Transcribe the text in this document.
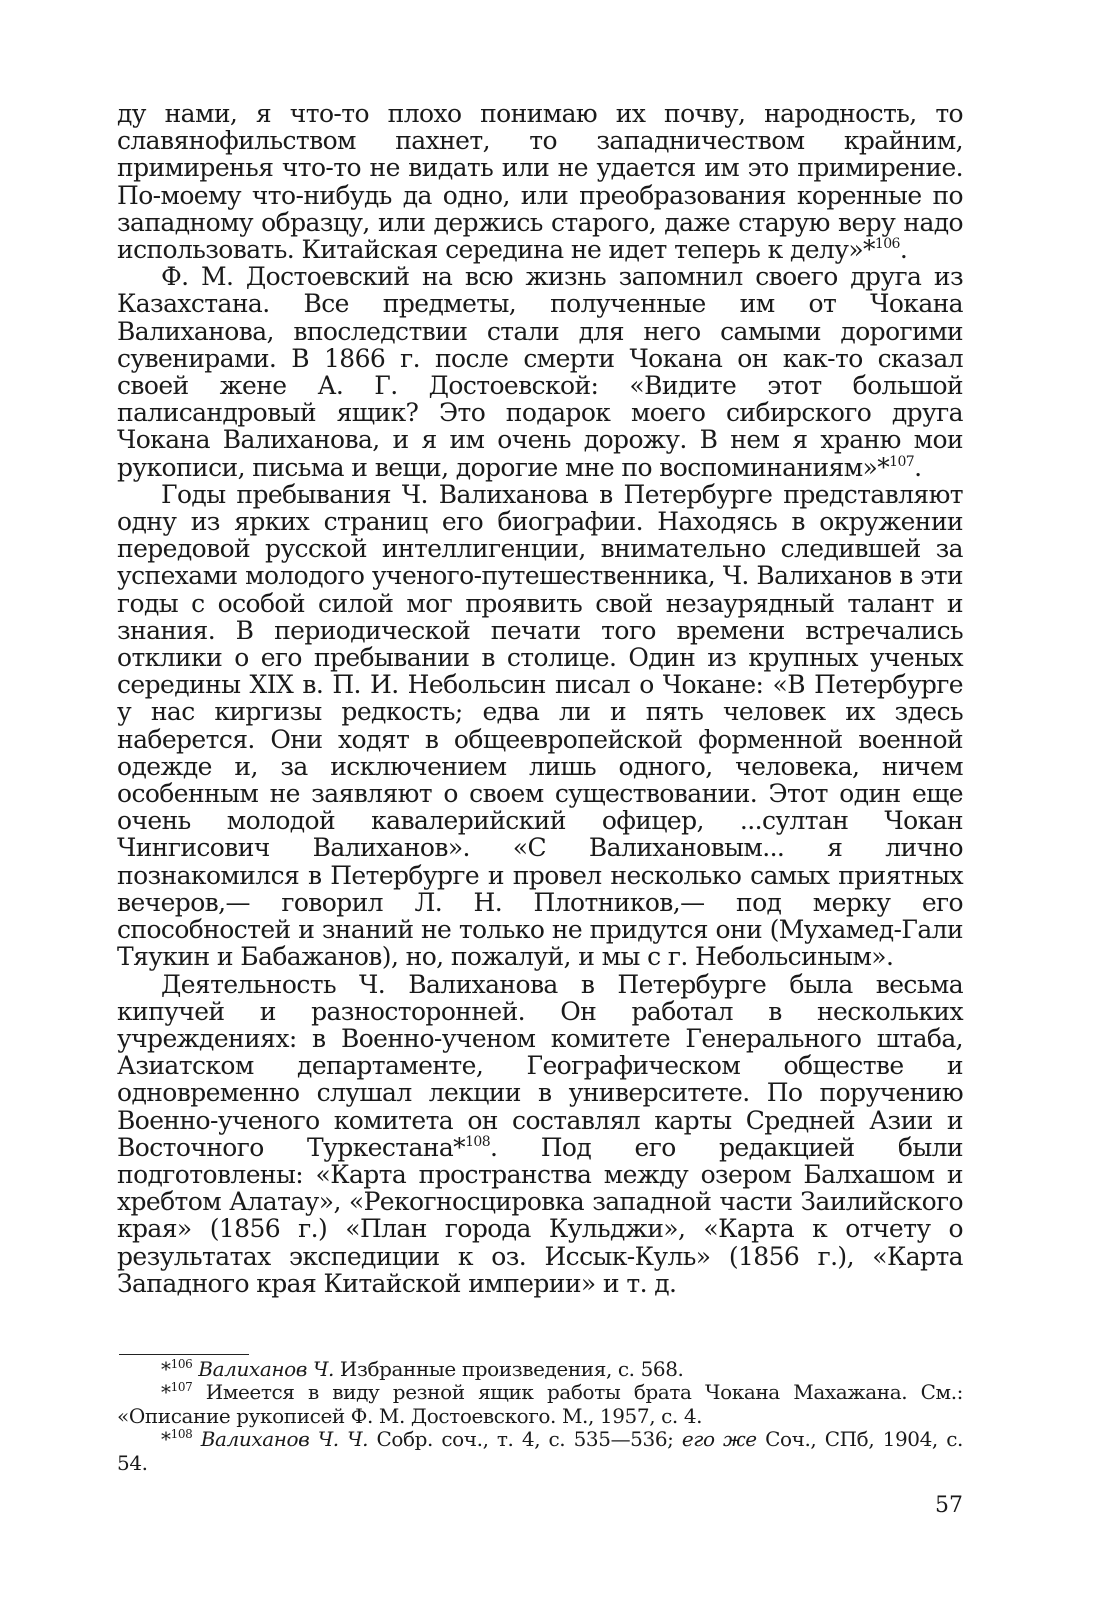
ду нами, я что-то плохо понимаю их почву, народность, то славянофильством пахнет, то западничеством крайним, примиренья что-то не видать или не удается им это примирение. По-моему что-нибудь да одно, или преобразования коренные по западному образцу, или держись старого, даже старую веру надо использовать. Китайская середина не идет теперь к делу»*$^{106}$.

Ф. М. Достоевский на всю жизнь запомнил своего друга из Казахстана. Все предметы, полученные им от Чокана Валиханова, впоследствии стали для него самыми дорогими сувенирами. В 1866 г. после смерти Чокана он как-то сказал своей жене А. Г. Достоевской: «Видите этот большой палисандровый ящик? Это подарок моего сибирского друга Чокана Валиханова, и я им очень дорожу. В нем я храню мои рукописи, письма и вещи, дорогие мне по воспоминаниям»*$^{107}$.

Годы пребывания Ч. Валиханова в Петербурге представляют одну из ярких страниц его биографии. Находясь в окружении передовой русской интеллигенции, внимательно следившей за успехами молодого ученого-путешественника, Ч. Валиханов в эти годы с особой силой мог проявить свой незаурядный талант и знания. В периодической печати того времени встречались отклики о его пребывании в столице. Один из крупных ученых середины XIX в. П. И. Небольсин писал о Чокане: «В Петербурге у нас киргизы редкость; едва ли и пять человек их здесь наберется. Они ходят в общеевропейской форменной военной одежде и, за исключением лишь одного, человека, ничем особенным не заявляют о своем существовании. Этот один еще очень молодой кавалерийский офицер, ...султан Чокан Чингисович Валиханов». «С Валихановым... я лично познакомился в Петербурге и провел несколько самых приятных вечеров,— говорил Л. Н. Плотников,— под мерку его способностей и знаний не только не придутся они (Мухамед-Гали Тяукин и Бабажанов), но, пожалуй, и мы с г. Небольсиным».

Деятельность Ч. Валиханова в Петербурге была весьма кипучей и разносторонней. Он работал в нескольких учреждениях: в Военно-ученом комитете Генерального штаба, Азиатском департаменте, Географическом обществе и одновременно слушал лекции в университете. По поручению Военно-ученого комитета он составлял карты Средней Азии и Восточного Туркестана*$^{108}$. Под его редакцией были подготовлены: «Карта пространства между озером Балхашом и хребтом Алатау», «Рекогносцировка западной части Заилийского края» (1856 г.) «План города Кульджи», «Карта к отчету о результатах экспедиции к оз. Иссык-Куль» (1856 г.), «Карта Западного края Китайской империи» и т. д.

*$^{106}$ Валиханов Ч. Избранные произведения, с. 568.

*$^{107}$ Имеется в виду резной ящик работы брата Чокана Махажана. См.: «Описание рукописей Ф. М. Достоевского. М., 1957, с. 4.

*$^{108}$ Валиханов Ч. Ч. Собр. соч., т. 4, с. 535—536; его же Соч., СПб, 1904, с. 54.

57
